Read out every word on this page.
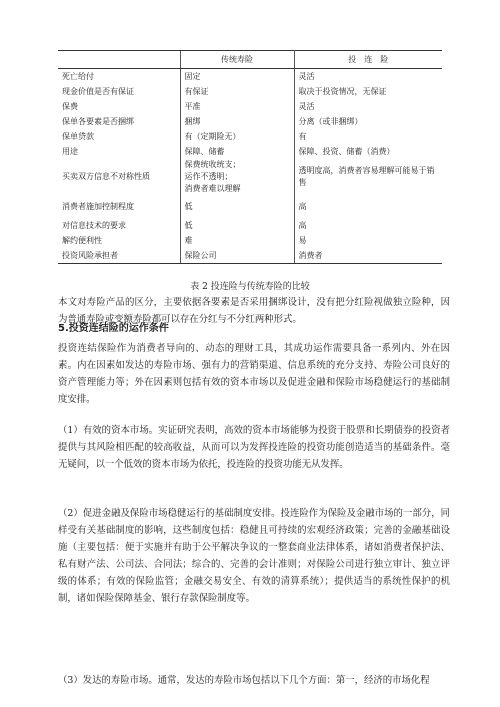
	传统寿险	投　连　险
死亡给付	固定	灵活
现金价值是否有保证	有保证	取决于投资情况，无保证
保费	平准	灵活
保单各要素是否捆绑	捆绑	分离（或非捆绑）
保单贷款	有（定期险无）	有
用途	保障、储蓄	保障、投资、储蓄（消费）
买卖双方信息不对称性质	保费统收统支；
运作不透明；
消费者难以理解	透明度高，消费者容易理解可能易于销售
消费者施加控制程度	低	高
对信息技术的要求	低	高
解约便利性	难	易
投资风险承担者	保险公司	消费者
表 2 投连险与传统寿险的比较

本文对寿险产品的区分，主要依据各要素是否采用捆绑设计，没有把分红险视做独立险种，因为普通寿险或变额寿险都可以存在分红与不分红两种形式。

5.投资连结险的运作条件

投资连结保险作为消费者导向的、动态的理财工具，其成功运作需要具备一系列内、外在因素。内在因素如发达的寿险市场、强有力的营销渠道、信息系统的充分支持、寿险公司良好的资产管理能力等；外在因素则包括有效的资本市场以及促进金融和保险市场稳健运行的基础制度安排。

（1）有效的资本市场。实证研究表明，高效的资本市场能够为投资于股票和长期债券的投资者提供与其风险相匹配的较高收益，从而可以为发挥投连险的投资功能创造适当的基础条件。毫无疑问，以一个低效的资本市场为依托，投连险的投资功能无从发挥。

（2）促进金融及保险市场稳健运行的基础制度安排。投连险作为保险及金融市场的一部分，同样受有关基础制度的影响，这些制度包括：稳健且可持续的宏观经济政策；完善的金融基础设施（主要包括：便于实施并有助于公平解决争议的一整套商业法律体系，诸如消费者保护法、私有财产法、公司法、合同法；综合的、完善的会计准则；对保险公司进行独立审计、独立评级的体系；有效的保险监管；金融交易安全、有效的清算系统）；提供适当的系统性保护的机制，诸如保险保障基金、银行存款保险制度等。

（3）发达的寿险市场。通常，发达的寿险市场包括以下几个方面：第一，经济的市场化程
